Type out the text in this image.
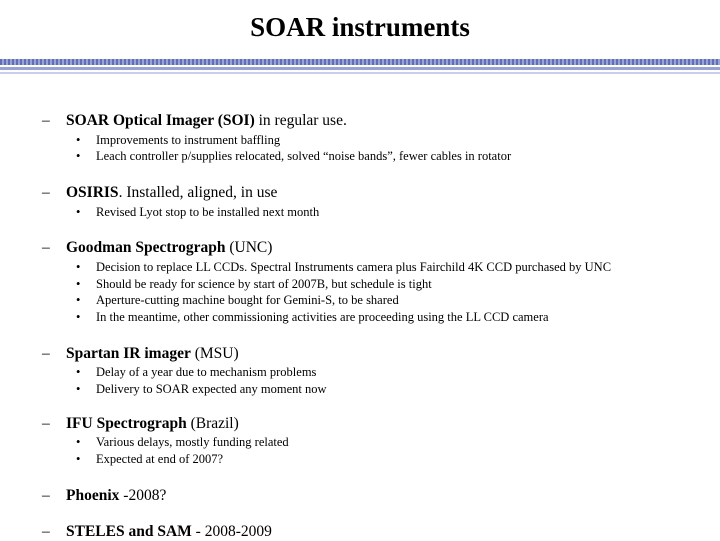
SOAR instruments
– SOAR Optical Imager (SOI) in regular use.
• Improvements to instrument baffling
• Leach controller p/supplies relocated, solved “noise bands”, fewer cables in rotator
– OSIRIS. Installed, aligned, in use
• Revised Lyot stop to be installed next month
– Goodman Spectrograph (UNC)
• Decision to replace LL CCDs. Spectral Instruments camera plus Fairchild 4K CCD purchased by UNC
• Should be ready for science by start of 2007B, but schedule is tight
• Aperture-cutting machine bought for Gemini-S, to be shared
• In the meantime, other commissioning activities are proceeding using the LL CCD camera
– Spartan IR imager (MSU)
• Delay of a year due to mechanism problems
• Delivery to SOAR expected any moment now
– IFU Spectrograph (Brazil)
• Various delays, mostly funding related
• Expected at end of 2007?
– Phoenix -2008?
– STELES and SAM - 2008-2009
